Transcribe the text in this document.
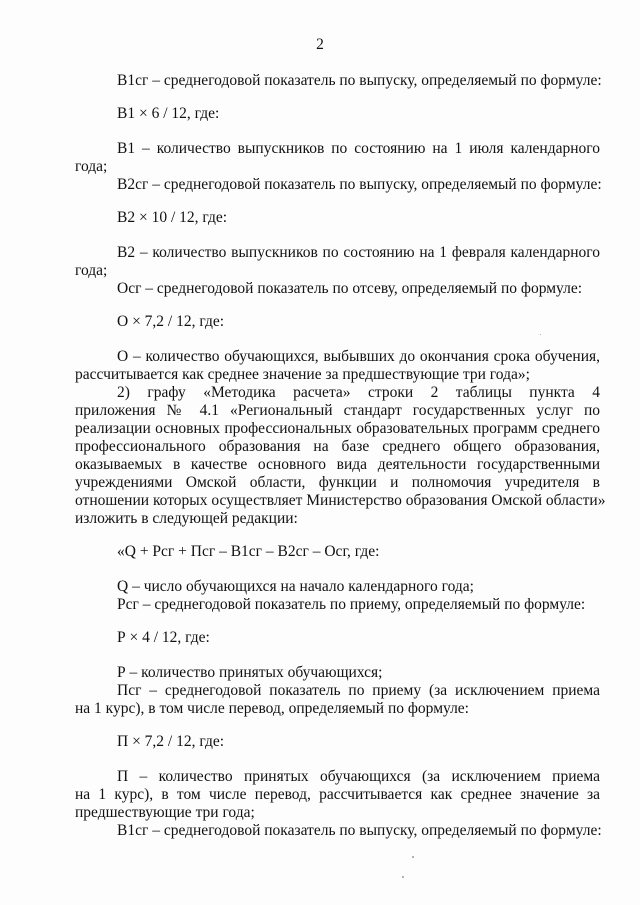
2
В1сг – среднегодовой показатель по выпуску, определяемый по формуле:
В1 × 6 / 12, где:
В1 – количество выпускников по состоянию на 1 июля календарного
года;
В2сг – среднегодовой показатель по выпуску, определяемый по формуле:
В2 × 10 / 12, где:
В2 – количество выпускников по состоянию на 1 февраля календарного
года;
Осг – среднегодовой показатель по отсеву, определяемый по формуле:
О × 7,2 / 12, где:
О – количество обучающихся, выбывших до окончания срока обучения,
рассчитывается как среднее значение за предшествующие три года»;
2) графу «Методика расчета» строки 2 таблицы пункта 4
приложения № 4.1 «Региональный стандарт государственных услуг по
реализации основных профессиональных образовательных программ среднего
профессионального образования на базе среднего общего образования,
оказываемых в качестве основного вида деятельности государственными
учреждениями Омской области, функции и полномочия учредителя в
отношении которых осуществляет Министерство образования Омской области»
изложить в следующей редакции:
«Q + Рсг + Псг – В1сг – В2сг – Осг, где:
Q – число обучающихся на начало календарного года;
Рсг – среднегодовой показатель по приему, определяемый по формуле:
Р × 4 / 12, где:
Р – количество принятых обучающихся;
Псг – среднегодовой показатель по приему (за исключением приема
на 1 курс), в том числе перевод, определяемый по формуле:
П × 7,2 / 12, где:
П – количество принятых обучающихся (за исключением приема
на 1 курс), в том числе перевод, рассчитывается как среднее значение за
предшествующие три года;
В1сг – среднегодовой показатель по выпуску, определяемый по формуле:
